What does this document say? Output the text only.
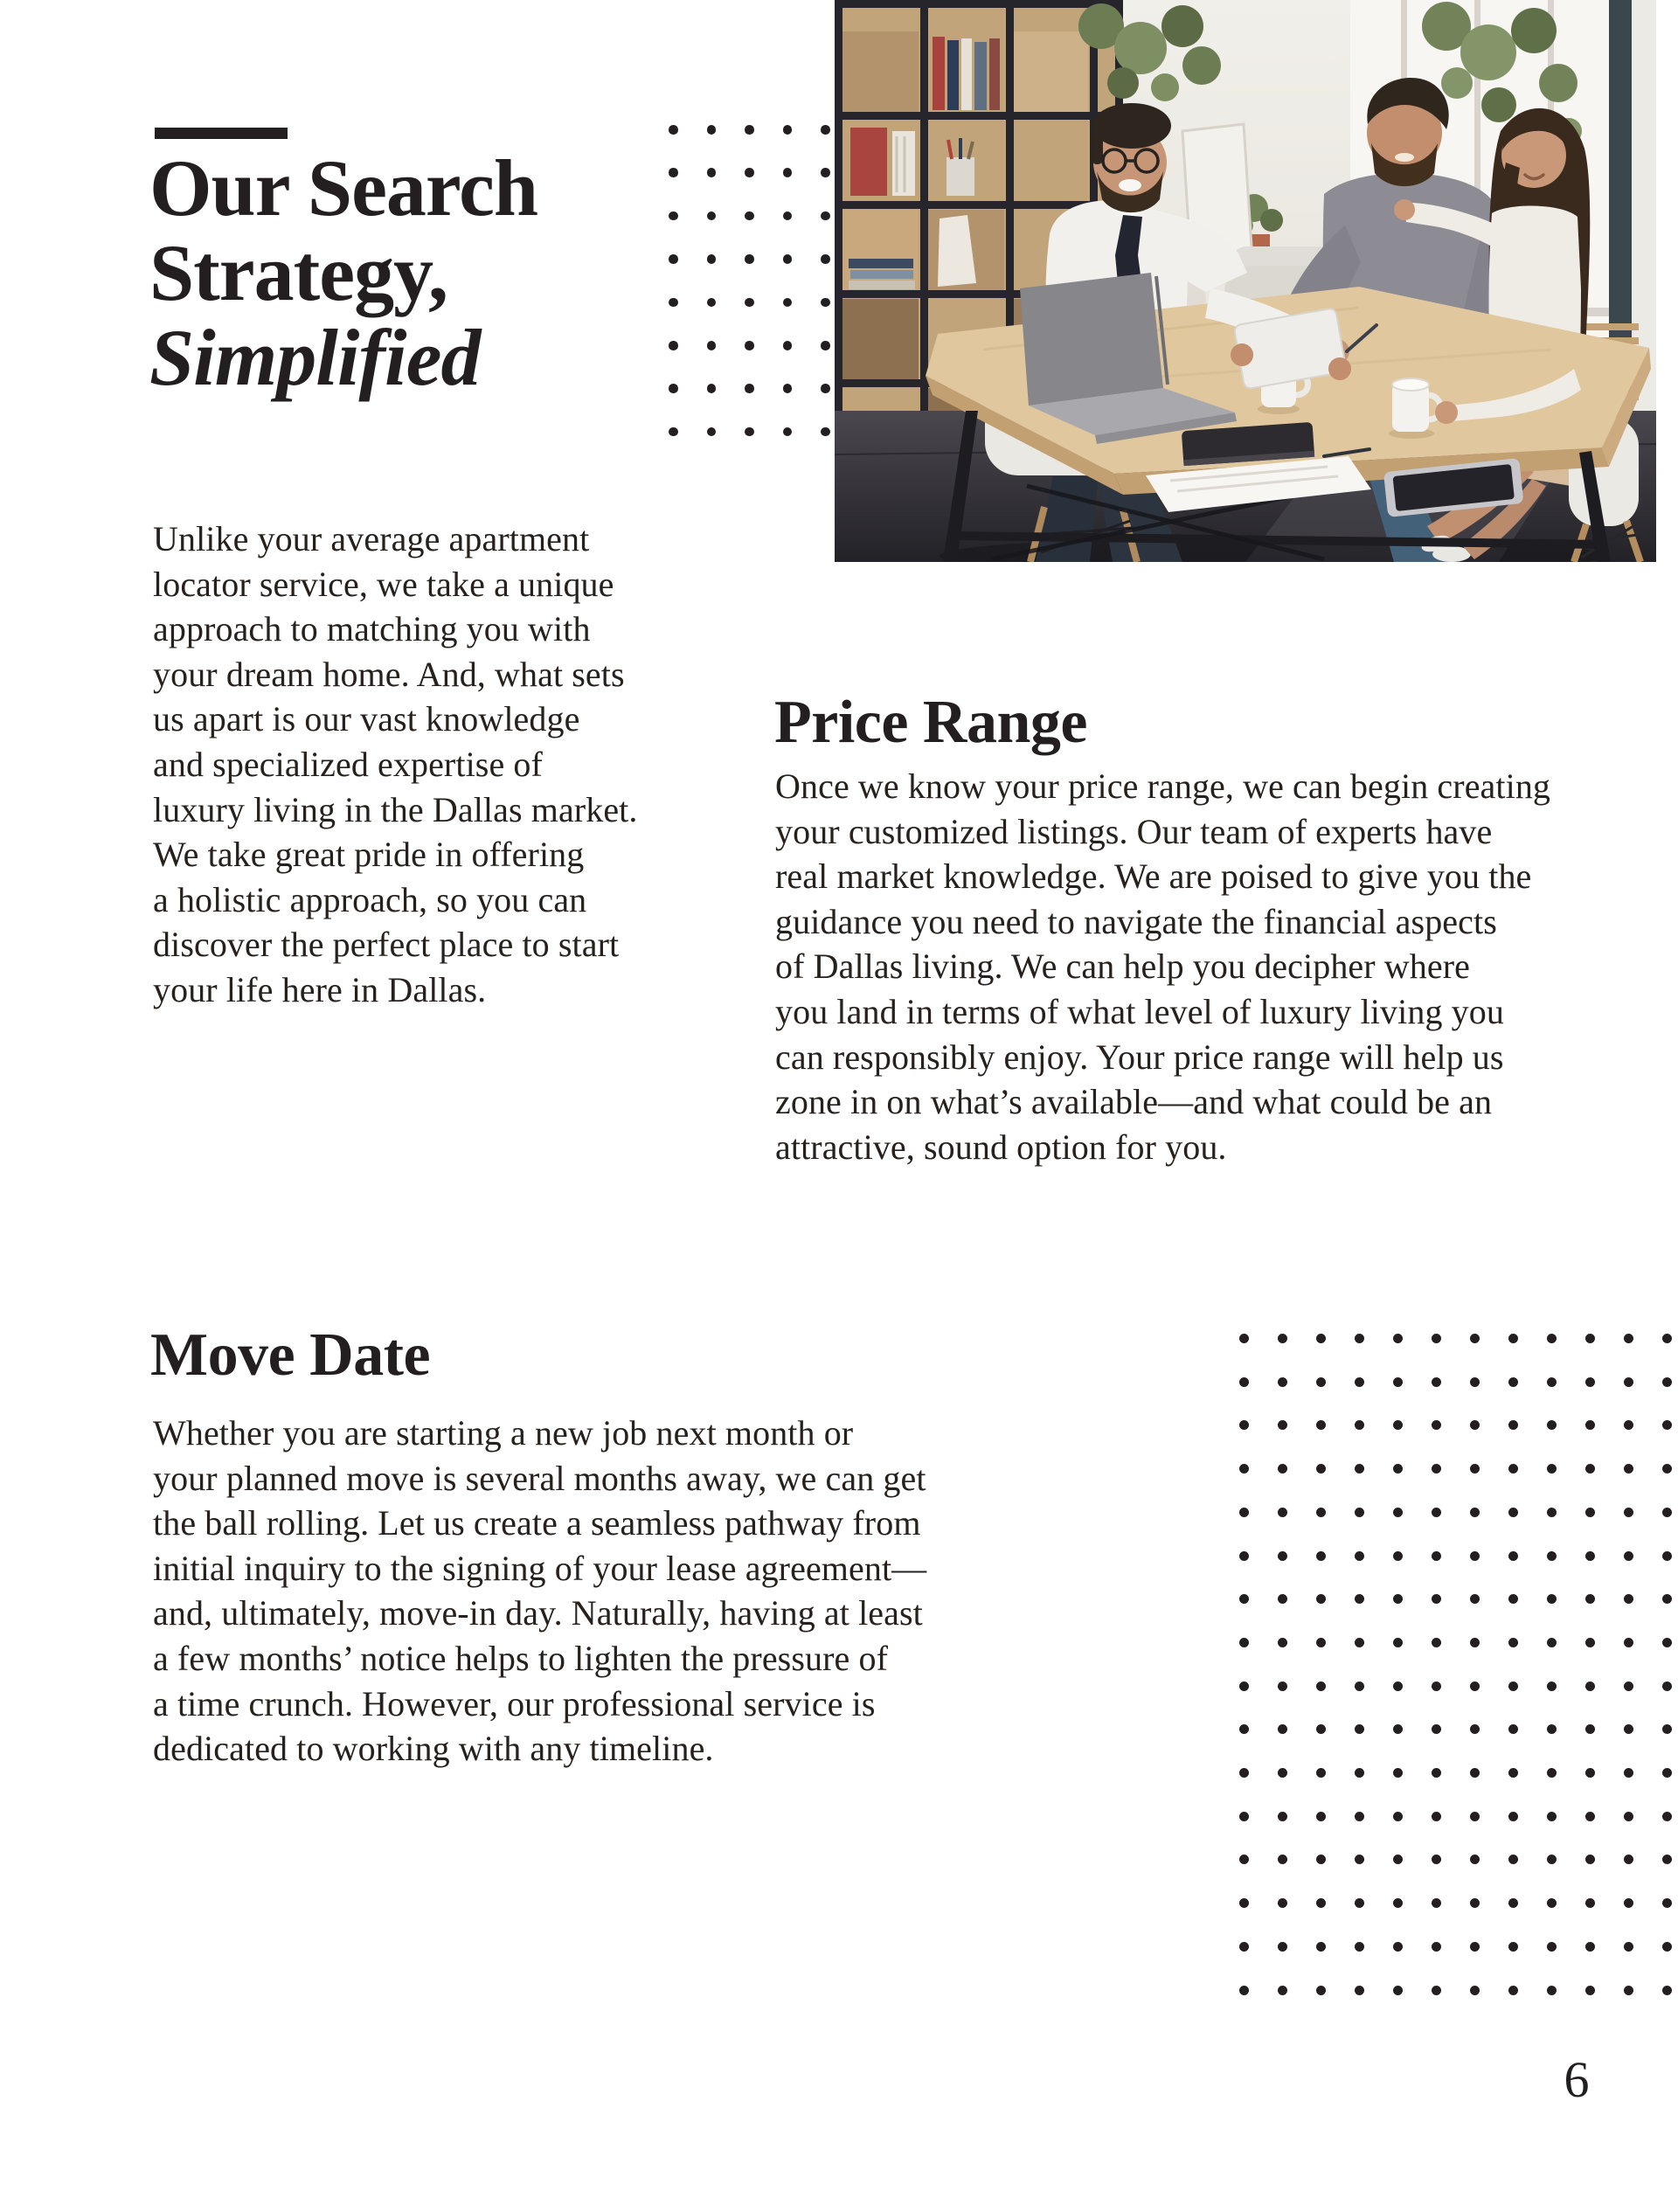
Our Search
Strategy,
Simplified
Unlike your average apartment
locator service, we take a unique
approach to matching you with
your dream home. And, what sets
us apart is our vast knowledge
and specialized expertise of
luxury living in the Dallas market.
We take great pride in offering
a holistic approach, so you can
discover the perfect place to start
your life here in Dallas.
Price Range
Once we know your price range, we can begin creating
your customized listings. Our team of experts have
real market knowledge. We are poised to give you the
guidance you need to navigate the financial aspects
of Dallas living. We can help you decipher where
you land in terms of what level of luxury living you
can responsibly enjoy. Your price range will help us
zone in on what’s available—and what could be an
attractive, sound option for you.
Move Date
Whether you are starting a new job next month or
your planned move is several months away, we can get
the ball rolling. Let us create a seamless pathway from
initial inquiry to the signing of your lease agreement—
and, ultimately, move-in day. Naturally, having at least
a few months’ notice helps to lighten the pressure of
a time crunch. However, our professional service is
dedicated to working with any timeline.
6
